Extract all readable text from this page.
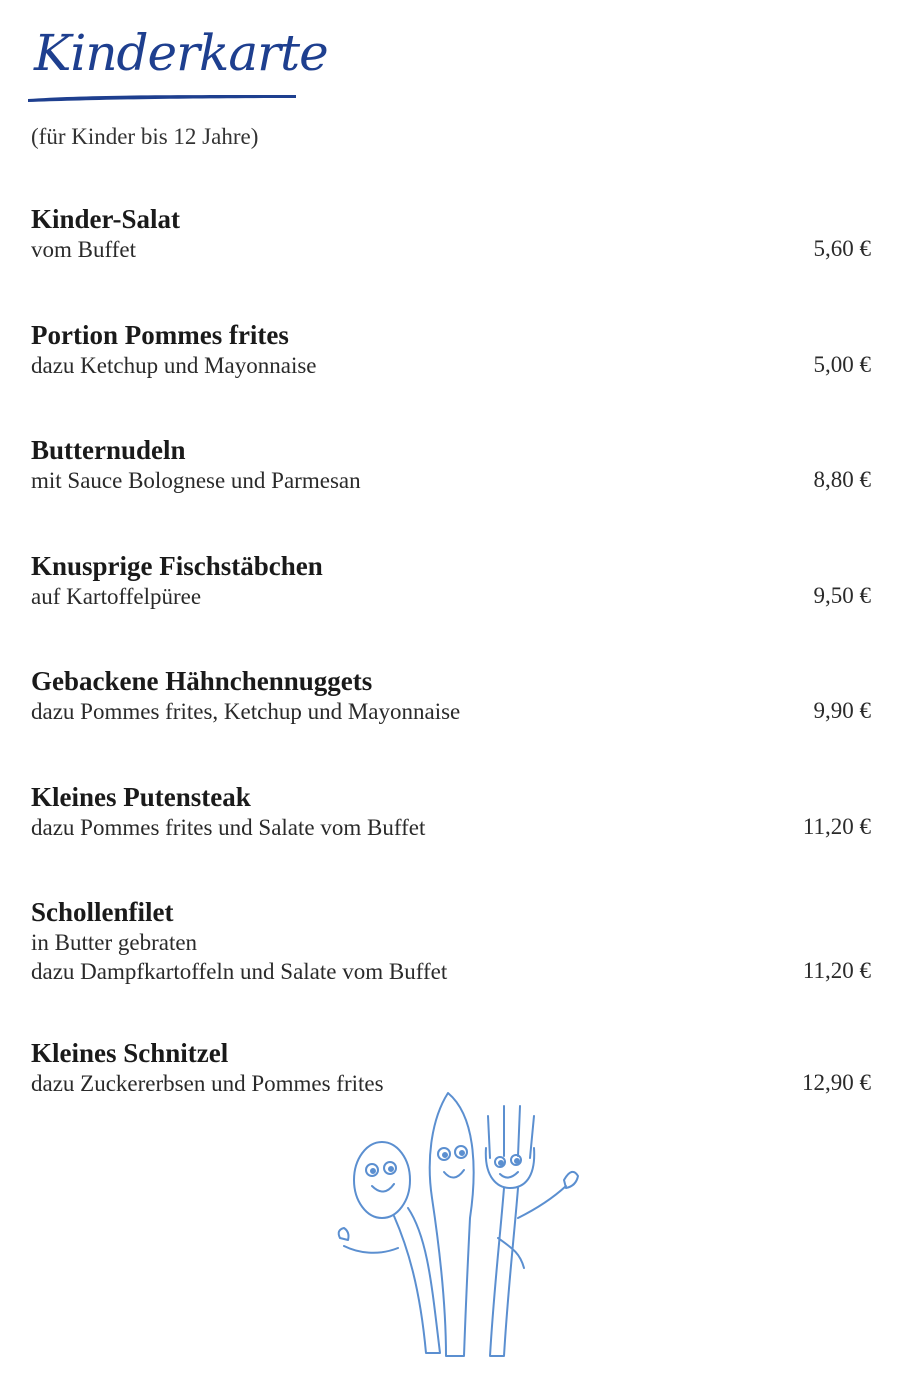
Kinderkarte
(für Kinder bis 12 Jahre)
Kinder-Salat
vom Buffet	5,60 €
Portion Pommes frites
dazu Ketchup und Mayonnaise	5,00 €
Butternudeln
mit Sauce Bolognese und Parmesan	8,80 €
Knusprige Fischstäbchen
auf Kartoffelpüree	9,50 €
Gebackene Hähnchennuggets
dazu Pommes frites, Ketchup und Mayonnaise	9,90 €
Kleines Putensteak
dazu Pommes frites und Salate vom Buffet	11,20 €
Schollenfilet
in Butter gebraten
dazu Dampfkartoffeln und Salate vom Buffet	11,20 €
Kleines Schnitzel
dazu Zuckererbsen und Pommes frites	12,90 €
